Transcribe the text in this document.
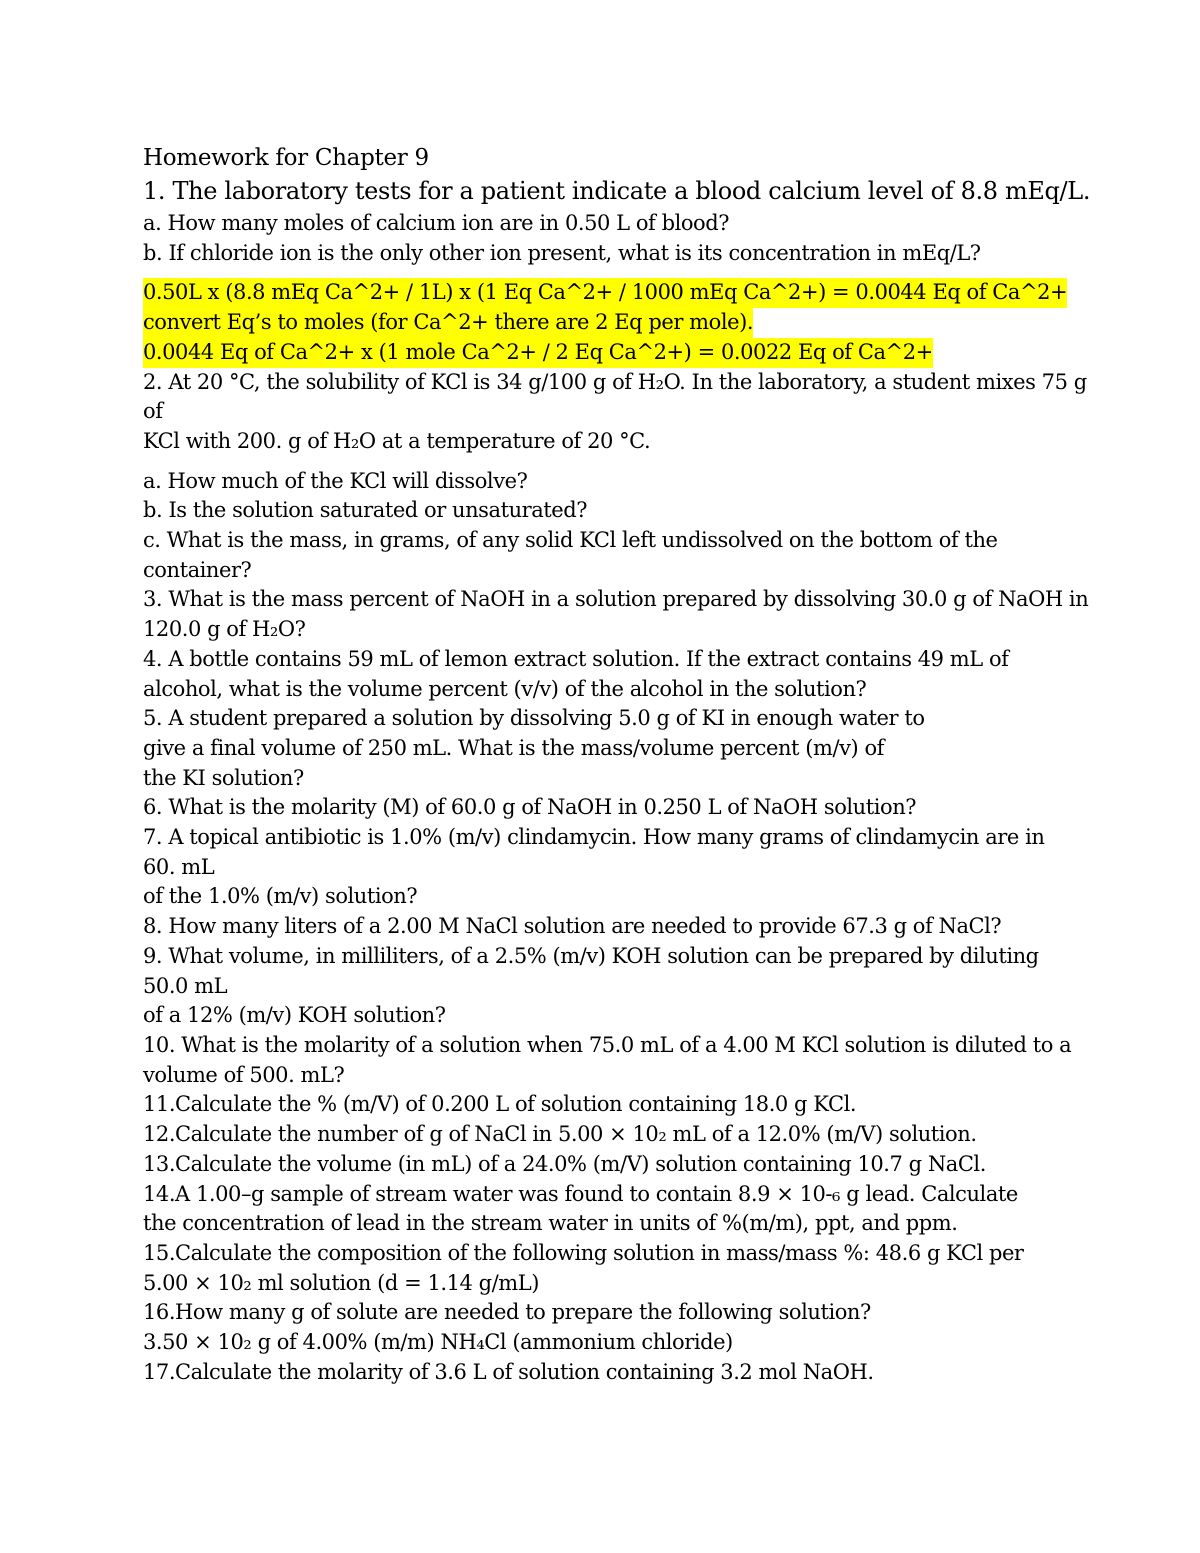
Homework for Chapter 9
1. The laboratory tests for a patient indicate a blood calcium level of 8.8 mEq/L.
a. How many moles of calcium ion are in 0.50 L of blood?
b. If chloride ion is the only other ion present, what is its concentration in mEq/L?
0.50L x (8.8 mEq Ca^2+ / 1L) x (1 Eq Ca^2+ / 1000 mEq Ca^2+) = 0.0044 Eq of Ca^2+
convert Eq’s to moles (for Ca^2+ there are 2 Eq per mole).
0.0044 Eq of Ca^2+ x (1 mole Ca^2+ / 2 Eq Ca^2+) = 0.0022 Eq of Ca^2+
2. At 20 °C, the solubility of KCl is 34 g/100 g of H₂O. In the laboratory, a student mixes 75 g
of
KCl with 200. g of H₂O at a temperature of 20 °C.
a. How much of the KCl will dissolve?
b. Is the solution saturated or unsaturated?
c. What is the mass, in grams, of any solid KCl left undissolved on the bottom of the
container?
3. What is the mass percent of NaOH in a solution prepared by dissolving 30.0 g of NaOH in
120.0 g of H₂O?
4. A bottle contains 59 mL of lemon extract solution. If the extract contains 49 mL of
alcohol, what is the volume percent (v/v) of the alcohol in the solution?
5. A student prepared a solution by dissolving 5.0 g of KI in enough water to
give a final volume of 250 mL. What is the mass/volume percent (m/v) of
the KI solution?
6. What is the molarity (M) of 60.0 g of NaOH in 0.250 L of NaOH solution?
7. A topical antibiotic is 1.0% (m/v) clindamycin. How many grams of clindamycin are in
60. mL
of the 1.0% (m/v) solution?
8. How many liters of a 2.00 M NaCl solution are needed to provide 67.3 g of NaCl?
9. What volume, in milliliters, of a 2.5% (m/v) KOH solution can be prepared by diluting
50.0 mL
of a 12% (m/v) KOH solution?
10. What is the molarity of a solution when 75.0 mL of a 4.00 M KCl solution is diluted to a
volume of 500. mL?
11.Calculate the % (m/V) of 0.200 L of solution containing 18.0 g KCl.
12.Calculate the number of g of NaCl in 5.00 × 10₂ mL of a 12.0% (m/V) solution.
13.Calculate the volume (in mL) of a 24.0% (m/V) solution containing 10.7 g NaCl.
14.A 1.00–g sample of stream water was found to contain 8.9 × 10-₆ g lead. Calculate
the concentration of lead in the stream water in units of %(m/m), ppt, and ppm.
15.Calculate the composition of the following solution in mass/mass %: 48.6 g KCl per
5.00 × 10₂ ml solution (d = 1.14 g/mL)
16.How many g of solute are needed to prepare the following solution?
3.50 × 10₂ g of 4.00% (m/m) NH₄Cl (ammonium chloride)
17.Calculate the molarity of 3.6 L of solution containing 3.2 mol NaOH.
